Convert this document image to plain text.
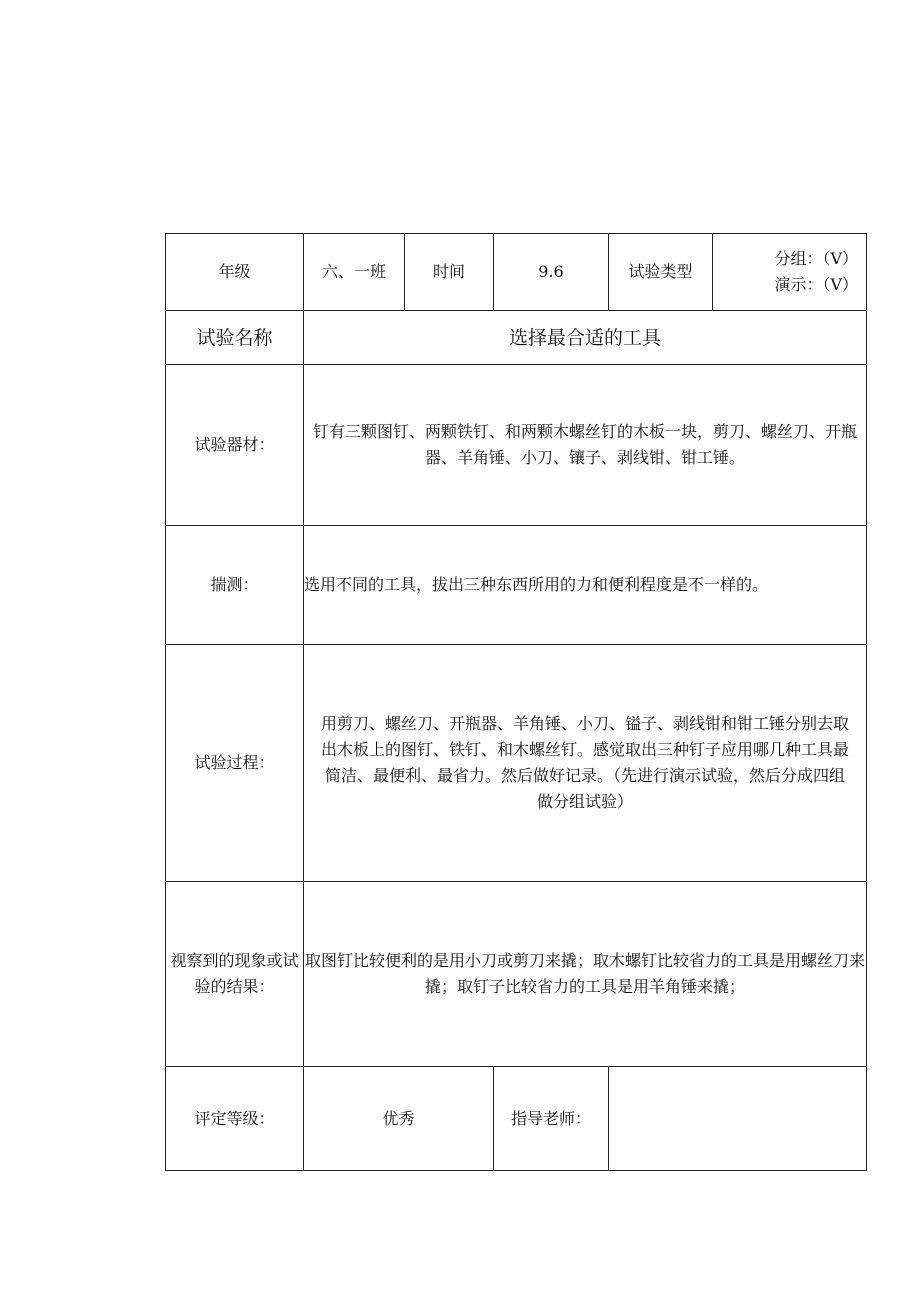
年级	六、一班	时间	9.6	试验类型	分组：（V）
演示：（V）

试验名称	选择最合适的工具				
试验器材：	钉有三颗图钉、两颗铁钉、和两颗木螺丝钉的木板一块，剪刀、螺丝刀、开瓶器、羊角锤、小刀、镶子、剥线钳、钳工锤。				
揣测：	选用不同的工具，拔出三种东西所用的力和便利程度是不一样的。				
试验过程：	用剪刀、螺丝刀、开瓶器、羊角锤、小刀、镒子、剥线钳和钳工锤分别去取出木板上的图钉、铁钉、和木螺丝钉。感觉取出三种钉子应用哪几种工具最简洁、最便利、最省力。然后做好记录。（先进行演示试验，然后分成四组做分组试验）				
视察到的现象或试验的结果：	取图钉比较便利的是用小刀或剪刀来撬；取木螺钉比较省力的工具是用螺丝刀来撬；取钉子比较省力的工具是用羊角锤来撬；				
评定等级：	优秀		指导老师：		
